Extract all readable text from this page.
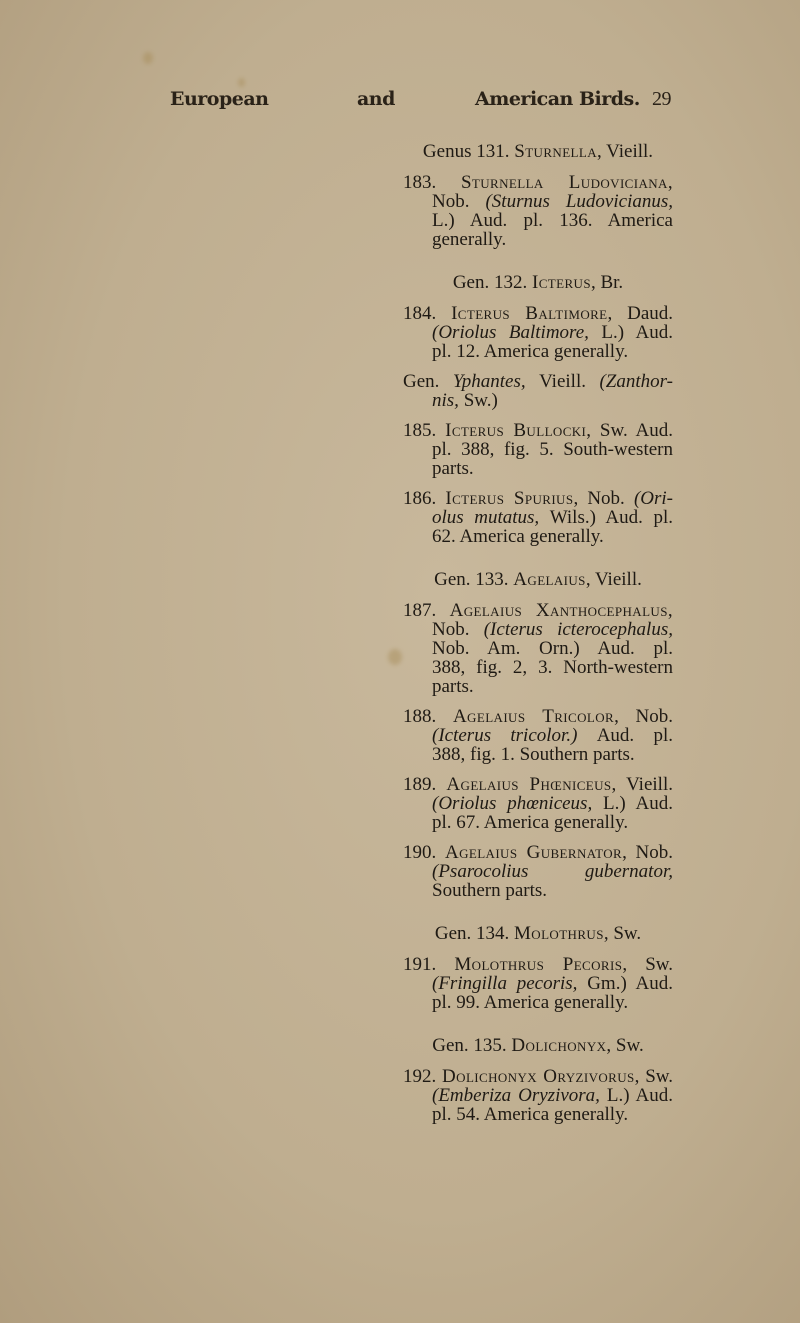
European	and	American Birds. 29
Genus 131. Sturnella, Vieill.
183. Sturnella Ludoviciana,
Nob. (Sturnus Ludovicianus,
L.) Aud. pl. 136. America
generally.
Gen. 132. Icterus, Br.
184. Icterus Baltimore, Daud.
(Oriolus Baltimore, L.) Aud.
pl. 12. America generally.
Gen. Yphantes, Vieill. (Zanthor-
nis, Sw.)
185. Icterus Bullocki, Sw. Aud.
pl. 388, fig. 5. South-western
parts.
186. Icterus Spurius, Nob. (Ori-
olus mutatus, Wils.) Aud. pl.
62. America generally.
Gen. 133. Agelaius, Vieill.
187. Agelaius Xanthocephalus,
Nob. (Icterus icterocephalus,
Nob. Am. Orn.) Aud. pl.
388, fig. 2, 3. North-western
parts.
188. Agelaius Tricolor, Nob.
(Icterus tricolor.) Aud. pl.
388, fig. 1. Southern parts.
189. Agelaius Phœniceus, Vieill.
(Oriolus phœniceus, L.) Aud.
pl. 67. America generally.
190. Agelaius Gubernator, Nob.
(Psarocolius gubernator,
Southern parts.
Gen. 134. Molothrus, Sw.
191. Molothrus Pecoris, Sw.
(Fringilla pecoris, Gm.) Aud.
pl. 99. America generally.
Gen. 135. Dolichonyx, Sw.
192. Dolichonyx Oryzivorus, Sw.
(Emberiza Oryzivora, L.) Aud.
pl. 54. America generally.
